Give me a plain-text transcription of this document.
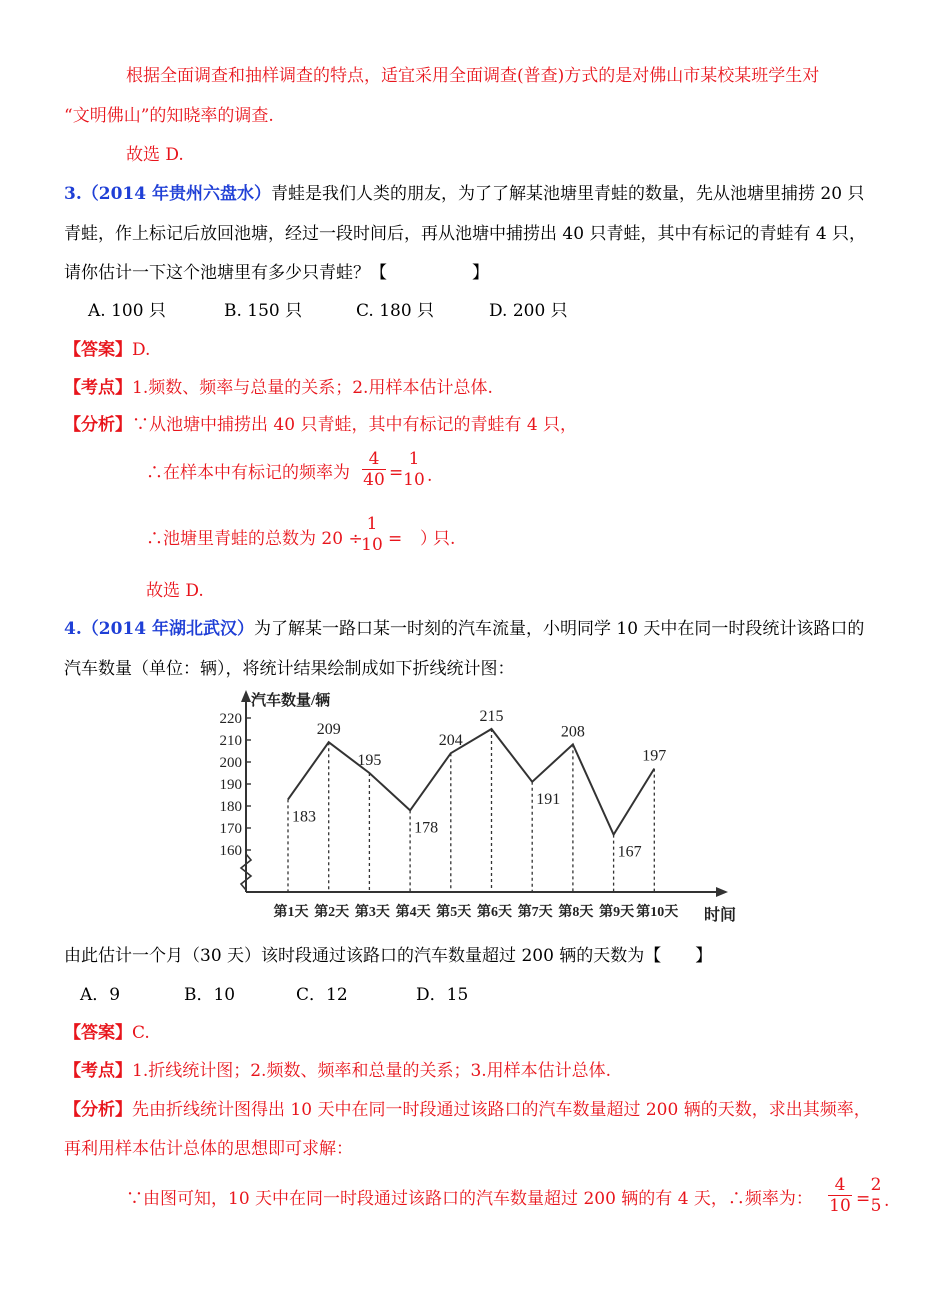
根据全面调查和抽样调查的特点，适宜采用全面调查(普查)方式的是对佛山市某校某班学生对
“文明佛山”的知晓率的调查.
故选 D.
3.（2014 年贵州六盘水）青蛙是我们人类的朋友，为了了解某池塘里青蛙的数量，先从池塘里捕捞 20 只
青蛙，作上标记后放回池塘，经过一段时间后，再从池塘中捕捞出 40 只青蛙，其中有标记的青蛙有 4 只，
请你估计一下这个池塘里有多少只青蛙？【　　　　　】
A. 100 只	B. 150 只	C. 180 只	D. 200 只
【答案】D.
【考点】1.频数、频率与总量的关系；2.用样本估计总体.
【分析】∵从池塘中捕捞出 40 只青蛙，其中有标记的青蛙有 4 只，
∴在样本中有标记的频率为
4
40 =
1
10 .
∴池塘里青蛙的总数为 20 ÷
1
10 = ）
只.
故选 D.
4.（2014 年湖北武汉）为了解某一路口某一时刻的汽车流量，小明同学 10 天中在同一时段统计该路口的
汽车数量（单位：辆），将统计结果绘制成如下折线统计图：
160
170
180
190
200
210
220
汽车数量/辆
183
209
195
178
204
215
191
208
167
197
第1天 第2天 第3天 第4天 第5天 第6天 第7天 第8天 第9天 第10天 时间
由此估计一个月（30 天）该时段通过该路口的汽车数量超过 200 辆的天数为【　　】
A．9	B．10	C．12	D．15
【答案】C.
【考点】1.折线统计图；2.频数、频率和总量的关系；3.用样本估计总体.
【分析】先由折线统计图得出 10 天中在同一时段通过该路口的汽车数量超过 200 辆的天数，求出其频率，
再利用样本估计总体的思想即可求解：
∵由图可知，10 天中在同一时段通过该路口的汽车数量超过 200 辆的有 4 天，∴频率为：
4
10 =
2
5 .
